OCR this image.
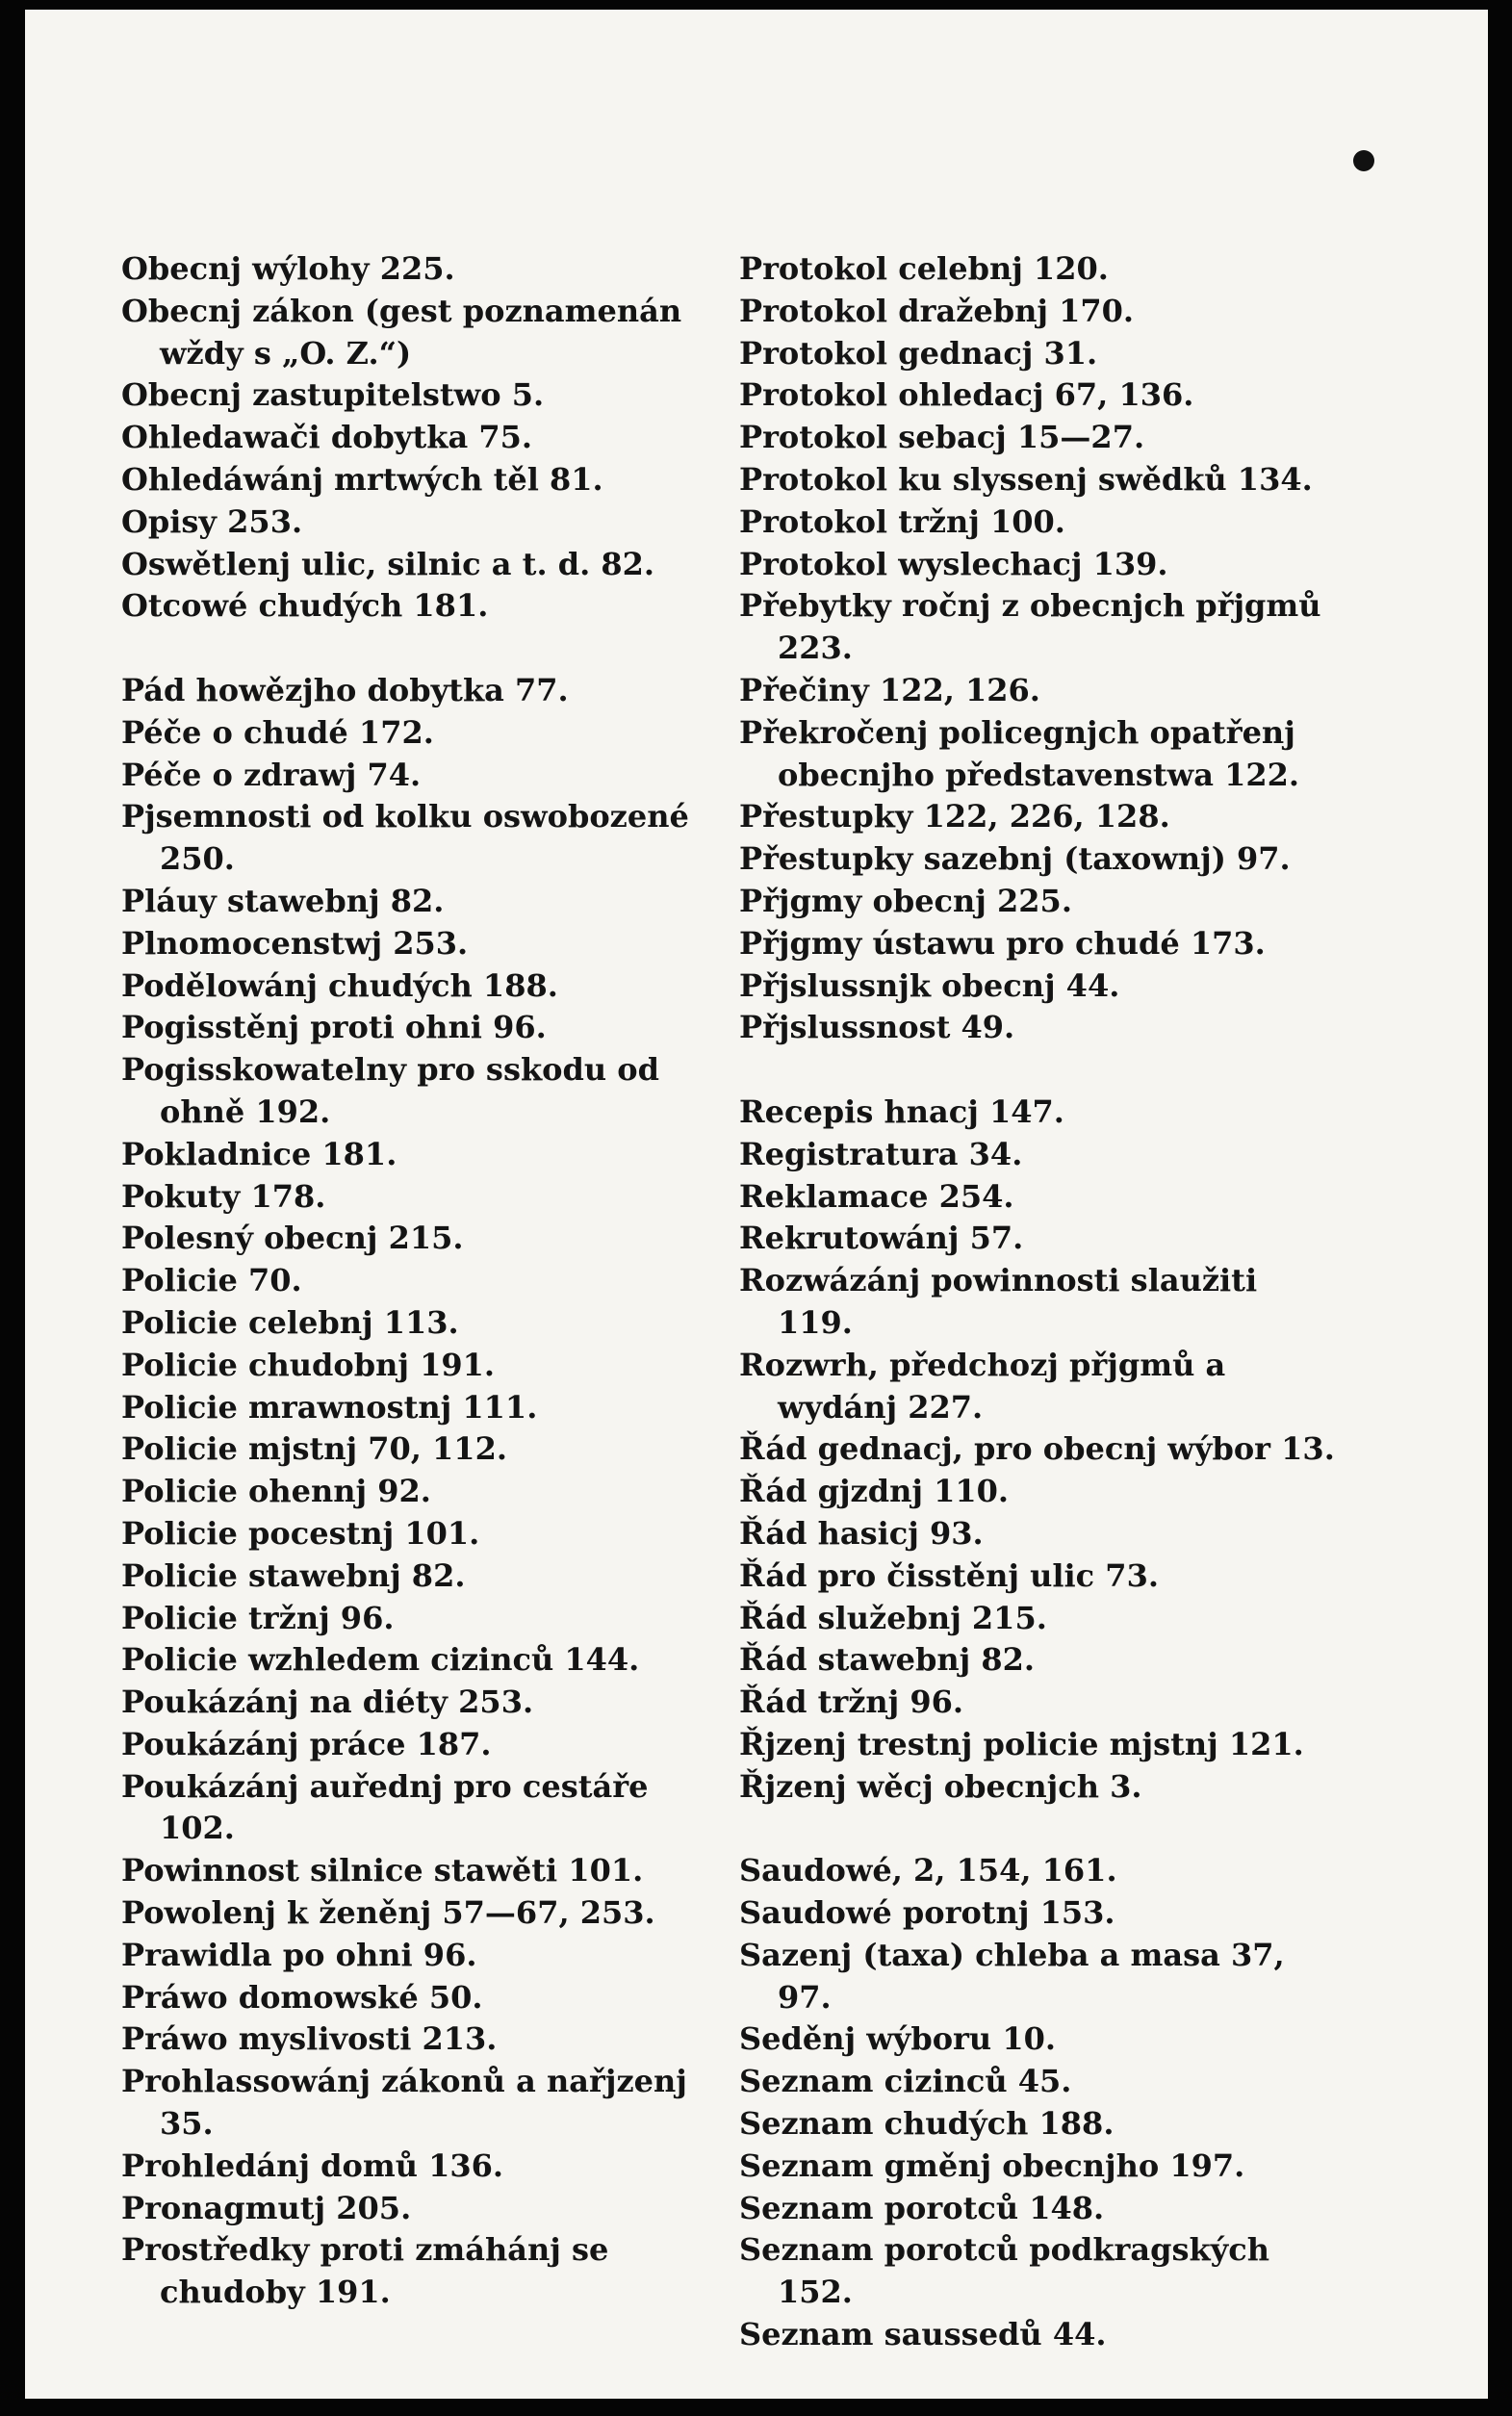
Obecnj wýlohy 225.
Obecnj zákon (gest poznamenán wždy s „O. Z.“)
Obecnj zastupitelstwo 5.
Ohledawači dobytka 75.
Ohledáwánj mrtwých těl 81.
Opisy 253.
Oswětlenj ulic, silnic a t. d. 82.
Otcowé chudých 181.
Pád howězjho dobytka 77.
Péče o chudé 172.
Péče o zdrawj 74.
Pjsemnosti od kolku oswobozené 250.
Pláuy stawebnj 82.
Plnomocenstwj 253.
Podělowánj chudých 188.
Pogisstěnj proti ohni 96.
Pogisskowatelny pro sskodu od ohně 192.
Pokladnice 181.
Pokuty 178.
Polesný obecnj 215.
Policie 70.
Policie celebnj 113.
Policie chudobnj 191.
Policie mrawnostnj 111.
Policie mjstnj 70, 112.
Policie ohennj 92.
Policie pocestnj 101.
Policie stawebnj 82.
Policie tržnj 96.
Policie wzhledem cizinců 144.
Poukázánj na diéty 253.
Poukázánj práce 187.
Poukázánj auřednj pro cestáře 102.
Powinnost silnice stawěti 101.
Powolenj k ženěnj 57—67, 253.
Prawidla po ohni 96.
Práwo domowské 50.
Práwo myslivosti 213.
Prohlassowánj zákonů a nařjzenj 35.
Prohledánj domů 136.
Pronagmutj 205.
Prostředky proti zmáhánj se chudoby 191.
Protokol celebnj 120.
Protokol dražebnj 170.
Protokol gednacj 31.
Protokol ohledacj 67, 136.
Protokol sebacj 15—27.
Protokol ku slyssenj swědků 134.
Protokol tržnj 100.
Protokol wyslechacj 139.
Přebytky ročnj z obecnjch přjgmů 223.
Přečiny 122, 126.
Překročenj policegnjch opatřenj obecnjho představenstwa 122.
Přestupky 122, 226, 128.
Přestupky sazebnj (taxownj) 97.
Přjgmy obecnj 225.
Přjgmy ústawu pro chudé 173.
Přjslussnjk obecnj 44.
Přjslussnost 49.
Recepis hnacj 147.
Registratura 34.
Reklamace 254.
Rekrutowánj 57.
Rozwázánj powinnosti slaužiti 119.
Rozwrh, předchozj přjgmů a wydánj 227.
Řád gednacj, pro obecnj wýbor 13.
Řád gjzdnj 110.
Řád hasicj 93.
Řád pro čisstěnj ulic 73.
Řád služebnj 215.
Řád stawebnj 82.
Řád tržnj 96.
Řjzenj trestnj policie mjstnj 121.
Řjzenj wěcj obecnjch 3.
Saudowé, 2, 154, 161.
Saudowé porotnj 153.
Sazenj (taxa) chleba a masa 37, 97.
Seděnj wýboru 10.
Seznam cizinců 45.
Seznam chudých 188.
Seznam gměnj obecnjho 197.
Seznam porotců 148.
Seznam porotců podkragských 152.
Seznam saussedů 44.
